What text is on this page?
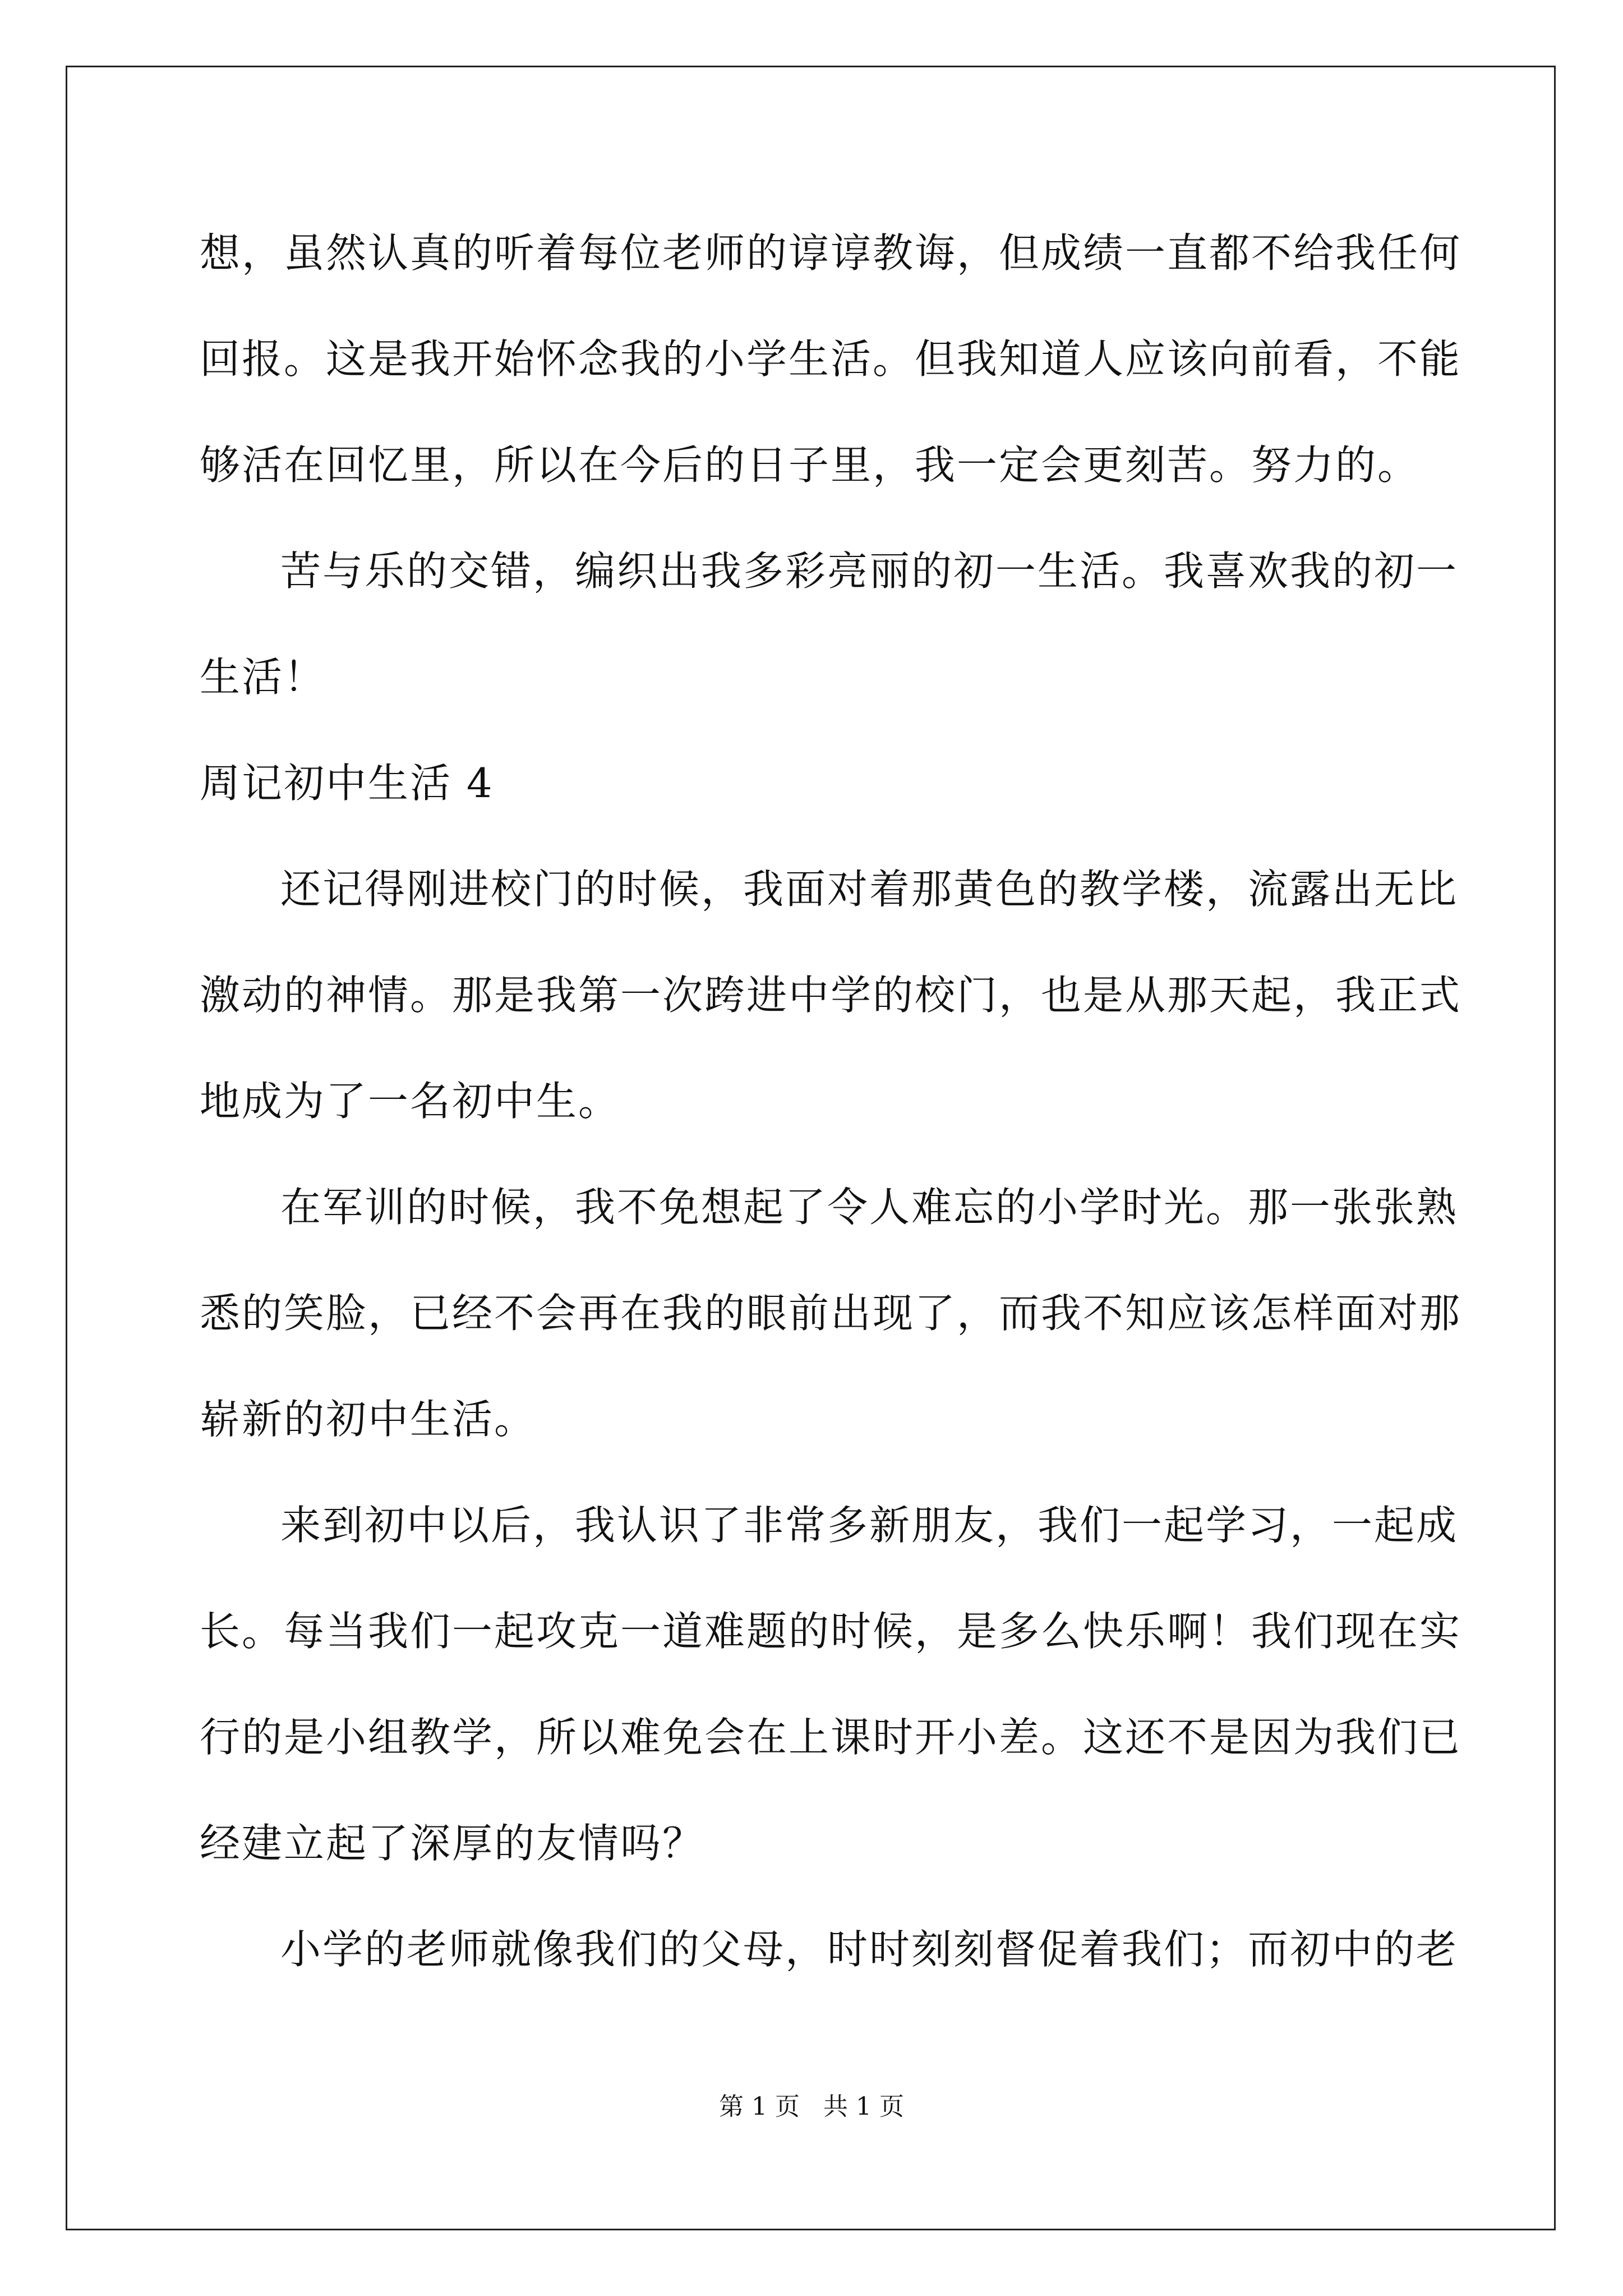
想，虽然认真的听着每位老师的谆谆教诲，但成绩一直都不给我任何
回报。这是我开始怀念我的小学生活。但我知道人应该向前看，不能
够活在回忆里，所以在今后的日子里，我一定会更刻苦。努力的。
苦与乐的交错，编织出我多彩亮丽的初一生活。我喜欢我的初一
生活！
周记初中生活 4
还记得刚进校门的时候，我面对着那黄色的教学楼，流露出无比
激动的神情。那是我第一次跨进中学的校门，也是从那天起，我正式
地成为了一名初中生。
在军训的时候，我不免想起了令人难忘的小学时光。那一张张熟
悉的笑脸，已经不会再在我的眼前出现了，而我不知应该怎样面对那
崭新的初中生活。
来到初中以后，我认识了非常多新朋友，我们一起学习，一起成
长。每当我们一起攻克一道难题的时候，是多么快乐啊！我们现在实
行的是小组教学，所以难免会在上课时开小差。这还不是因为我们已
经建立起了深厚的友情吗？
小学的老师就像我们的父母，时时刻刻督促着我们；而初中的老
第 1 页   共 1 页
